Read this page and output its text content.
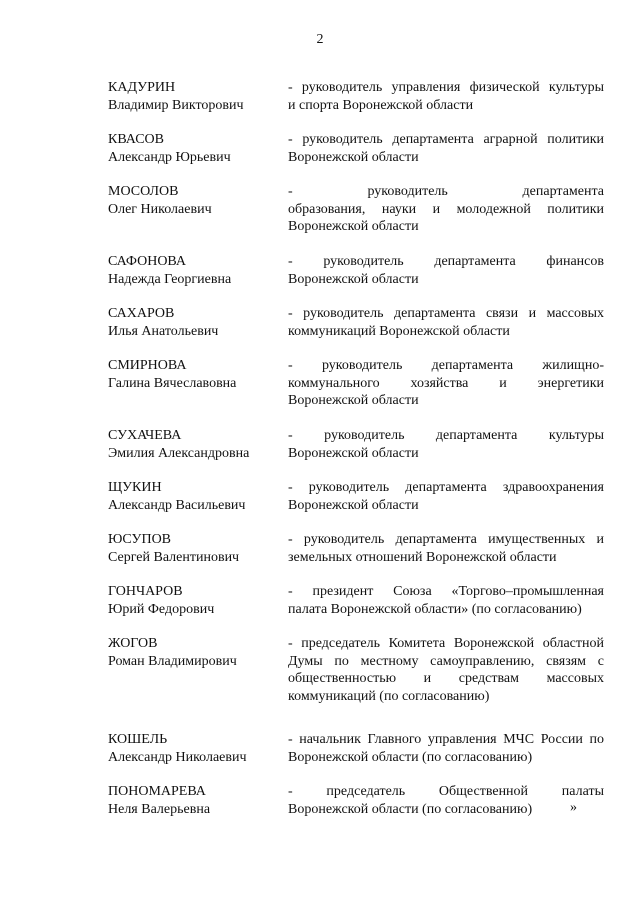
2
КАДУРИН
Владимир Викторович
- руководитель управления физической культуры
и спорта Воронежской области
КВАСОВ
Александр Юрьевич
- руководитель департамента аграрной политики
Воронежской области
МОСОЛОВ
Олег Николаевич
- руководитель департамента
образования, науки и молодежной политики
Воронежской области
САФОНОВА
Надежда Георгиевна
- руководитель департамента финансов
Воронежской области
САХАРОВ
Илья Анатольевич
- руководитель департамента связи и массовых
коммуникаций Воронежской области
СМИРНОВА
Галина Вячеславовна
- руководитель департамента жилищно-
коммунального хозяйства и энергетики
Воронежской области
СУХАЧЕВА
Эмилия Александровна
- руководитель департамента культуры
Воронежской области
ЩУКИН
Александр Васильевич
- руководитель департамента здравоохранения
Воронежской области
ЮСУПОВ
Сергей Валентинович
- руководитель департамента имущественных и
земельных отношений Воронежской области
ГОНЧАРОВ
Юрий Федорович
- президент Союза «Торгово–промышленная
палата Воронежской области» (по согласованию)
ЖОГОВ
Роман Владимирович
- председатель Комитета Воронежской областной
Думы по местному самоуправлению, связям с
общественностью и средствам массовых
коммуникаций (по согласованию)
КОШЕЛЬ
Александр Николаевич
- начальник Главного управления МЧС России по
Воронежской области (по согласованию)
ПОНОМАРЕВА
Неля Валерьевна
- председатель Общественной палаты
Воронежской области (по согласованию)	»
